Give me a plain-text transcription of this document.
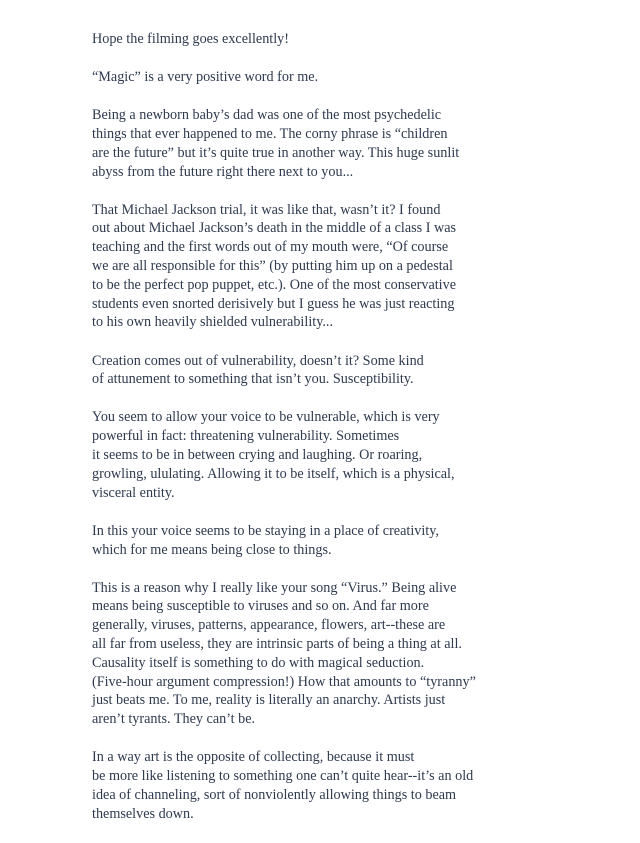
Hope the filming goes excellently!

“Magic” is a very positive word for me.

Being a newborn baby’s dad was one of the most psychedelic
things that ever happened to me. The corny phrase is “children
are the future” but it’s quite true in another way. This huge sunlit
abyss from the future right there next to you...

That Michael Jackson trial, it was like that, wasn’t it? I found
out about Michael Jackson’s death in the middle of a class I was
teaching and the first words out of my mouth were, “Of course
we are all responsible for this” (by putting him up on a pedestal
to be the perfect pop puppet, etc.). One of the most conservative
students even snorted derisively but I guess he was just reacting
to his own heavily shielded vulnerability...

Creation comes out of vulnerability, doesn’t it? Some kind
of attunement to something that isn’t you. Susceptibility.

You seem to allow your voice to be vulnerable, which is very
powerful in fact: threatening vulnerability. Sometimes
it seems to be in between crying and laughing. Or roaring,
growling, ululating. Allowing it to be itself, which is a physical,
visceral entity.

In this your voice seems to be staying in a place of creativity,
which for me means being close to things.

This is a reason why I really like your song “Virus.” Being alive
means being susceptible to viruses and so on. And far more
generally, viruses, patterns, appearance, flowers, art--these are
all far from useless, they are intrinsic parts of being a thing at all.
Causality itself is something to do with magical seduction.
(Five-hour argument compression!) How that amounts to “tyranny”
just beats me. To me, reality is literally an anarchy. Artists just
aren’t tyrants. They can’t be.

In a way art is the opposite of collecting, because it must
be more like listening to something one can’t quite hear--it’s an old
idea of channeling, sort of nonviolently allowing things to beam
themselves down.
